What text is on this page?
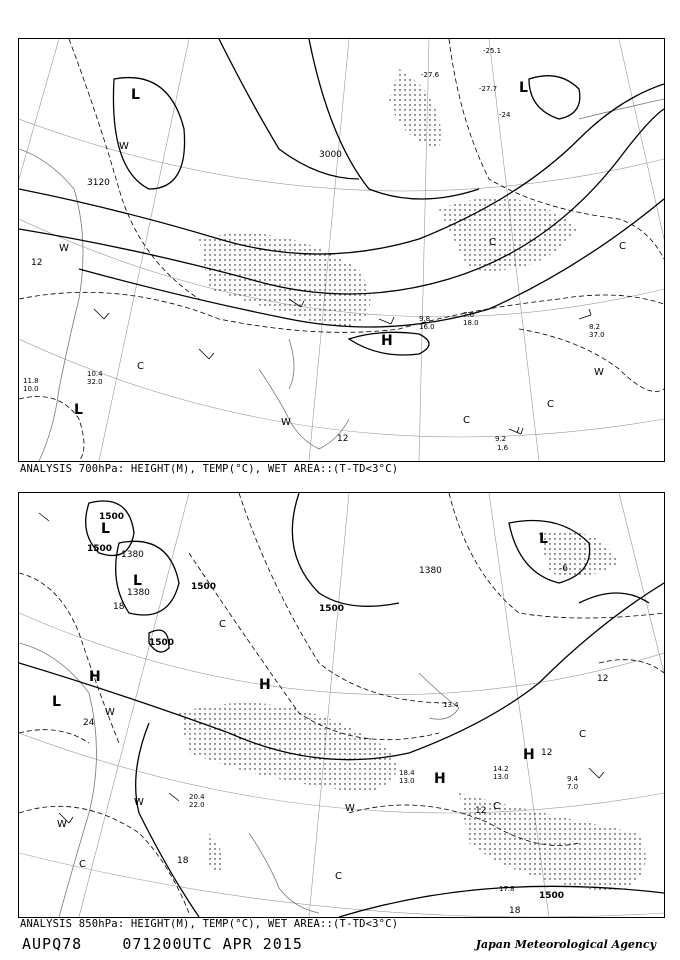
L	L
L
H
W
W
W
W
C
C
C
C
C
3120
12
12
3000
9.2
1.6
8.2
37.0
7.6
18.0
9.8
16.0
10.4
32.0
11.8
10.0
-25.1
-27.6
-27.7
-24
ANALYSIS 700hPa: HEIGHT(M), TEMP(°C), WET AREA::(T-TD<3°C)
L
L
L
L
H	H
H
H
W
W
W
W
C
C
C
C
C
1500
1500
1500
1500
1500
1500
1380
1380
1380
18
18
24
12
12
12
18
-6
14.2
13.0
18.4
13.0
20.4
22.0
9.4
7.0
17.8
13.4
ANALYSIS 850hPa: HEIGHT(M), TEMP(°C), WET AREA::(T-TD<3°C)
AUPQ78	071200UTC APR 2015	Japan Meteorological Agency
